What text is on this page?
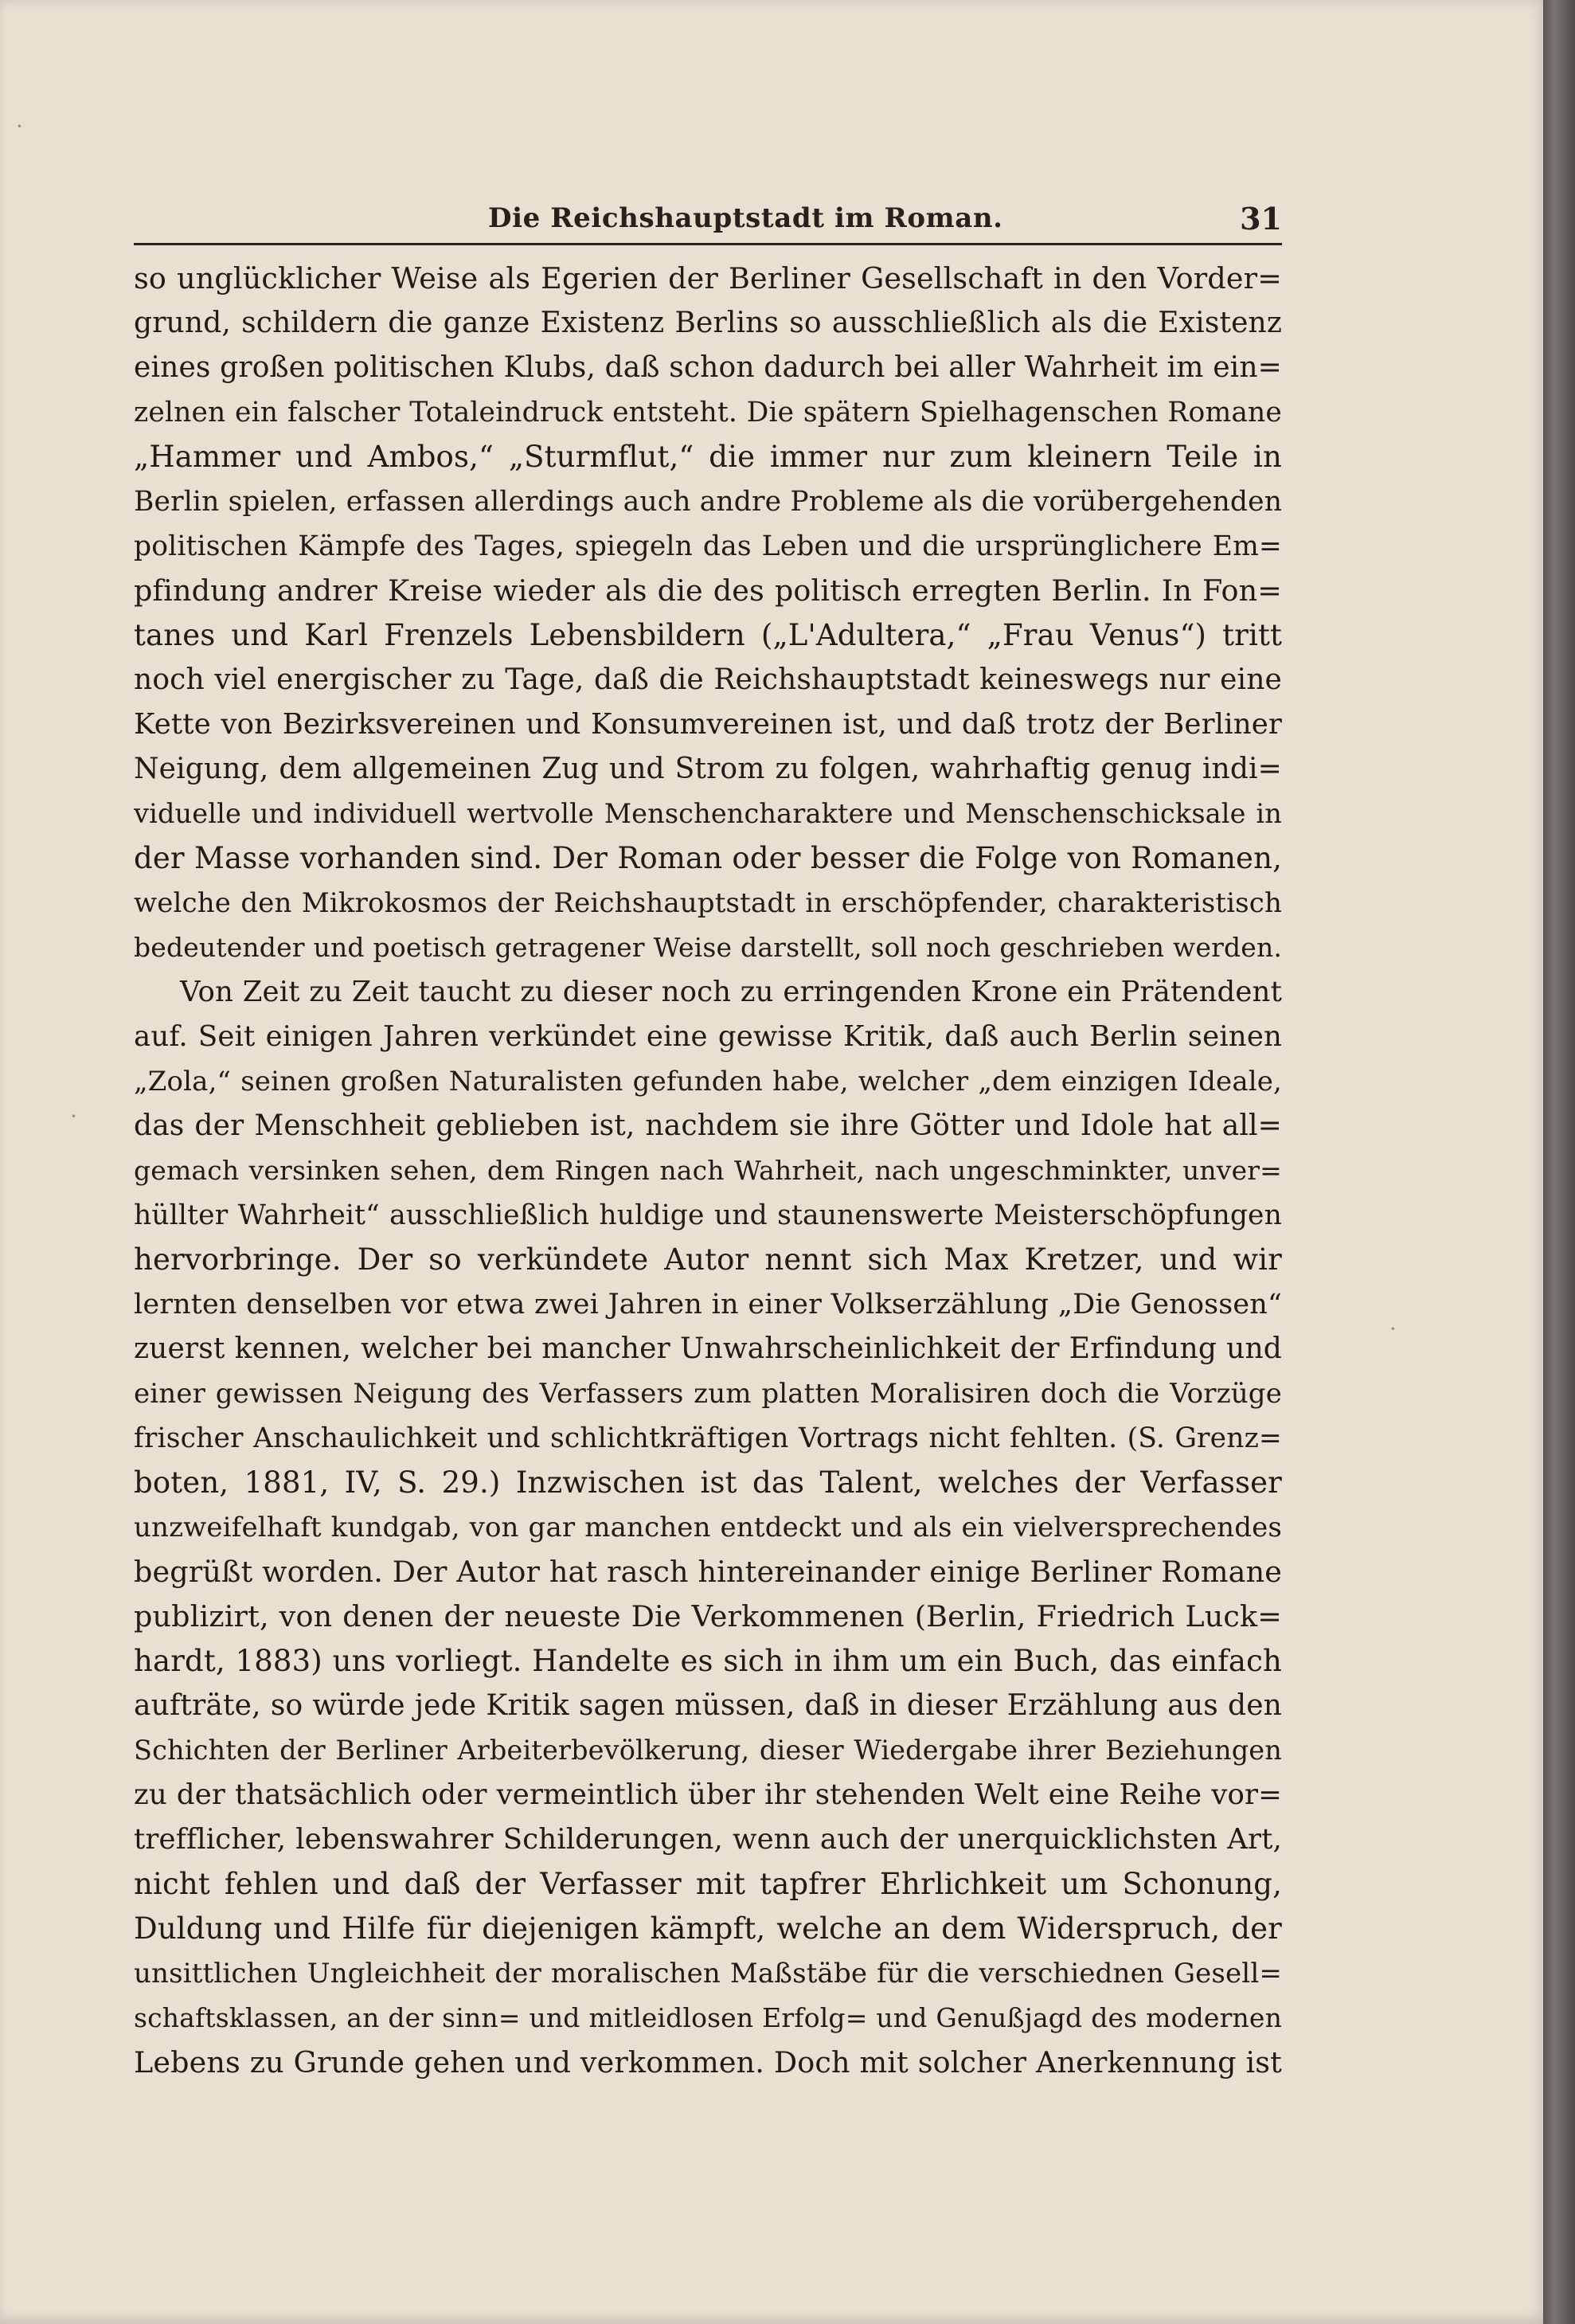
Die Reichshauptstadt im Roman.	31
so unglücklicher Weise als Egerien der Berliner Gesellschaft in den Vorder=
grund, schildern die ganze Existenz Berlins so ausschließlich als die Existenz
eines großen politischen Klubs, daß schon dadurch bei aller Wahrheit im ein=
zelnen ein falscher Totaleindruck entsteht. Die spätern Spielhagenschen Romane
„Hammer und Ambos,“ „Sturmflut,“ die immer nur zum kleinern Teile in
Berlin spielen, erfassen allerdings auch andre Probleme als die vorübergehenden
politischen Kämpfe des Tages, spiegeln das Leben und die ursprünglichere Em=
pfindung andrer Kreise wieder als die des politisch erregten Berlin. In Fon=
tanes und Karl Frenzels Lebensbildern („L'Adultera,“ „Frau Venus“) tritt
noch viel energischer zu Tage, daß die Reichshauptstadt keineswegs nur eine
Kette von Bezirksvereinen und Konsumvereinen ist, und daß trotz der Berliner
Neigung, dem allgemeinen Zug und Strom zu folgen, wahrhaftig genug indi=
viduelle und individuell wertvolle Menschencharaktere und Menschenschicksale in
der Masse vorhanden sind. Der Roman oder besser die Folge von Romanen,
welche den Mikrokosmos der Reichshauptstadt in erschöpfender, charakteristisch
bedeutender und poetisch getragener Weise darstellt, soll noch geschrieben werden.
Von Zeit zu Zeit taucht zu dieser noch zu erringenden Krone ein Prätendent
auf. Seit einigen Jahren verkündet eine gewisse Kritik, daß auch Berlin seinen
„Zola,“ seinen großen Naturalisten gefunden habe, welcher „dem einzigen Ideale,
das der Menschheit geblieben ist, nachdem sie ihre Götter und Idole hat all=
gemach versinken sehen, dem Ringen nach Wahrheit, nach ungeschminkter, unver=
hüllter Wahrheit“ ausschließlich huldige und staunenswerte Meisterschöpfungen
hervorbringe. Der so verkündete Autor nennt sich Max Kretzer, und wir
lernten denselben vor etwa zwei Jahren in einer Volkserzählung „Die Genossen“
zuerst kennen, welcher bei mancher Unwahrscheinlichkeit der Erfindung und
einer gewissen Neigung des Verfassers zum platten Moralisiren doch die Vorzüge
frischer Anschaulichkeit und schlichtkräftigen Vortrags nicht fehlten. (S. Grenz=
boten, 1881, IV, S. 29.) Inzwischen ist das Talent, welches der Verfasser
unzweifelhaft kundgab, von gar manchen entdeckt und als ein vielversprechendes
begrüßt worden. Der Autor hat rasch hintereinander einige Berliner Romane
publizirt, von denen der neueste Die Verkommenen (Berlin, Friedrich Luck=
hardt, 1883) uns vorliegt. Handelte es sich in ihm um ein Buch, das einfach
aufträte, so würde jede Kritik sagen müssen, daß in dieser Erzählung aus den
Schichten der Berliner Arbeiterbevölkerung, dieser Wiedergabe ihrer Beziehungen
zu der thatsächlich oder vermeintlich über ihr stehenden Welt eine Reihe vor=
trefflicher, lebenswahrer Schilderungen, wenn auch der unerquicklichsten Art,
nicht fehlen und daß der Verfasser mit tapfrer Ehrlichkeit um Schonung,
Duldung und Hilfe für diejenigen kämpft, welche an dem Widerspruch, der
unsittlichen Ungleichheit der moralischen Maßstäbe für die verschiednen Gesell=
schaftsklassen, an der sinn= und mitleidlosen Erfolg= und Genußjagd des modernen
Lebens zu Grunde gehen und verkommen. Doch mit solcher Anerkennung ist
·
·
·
